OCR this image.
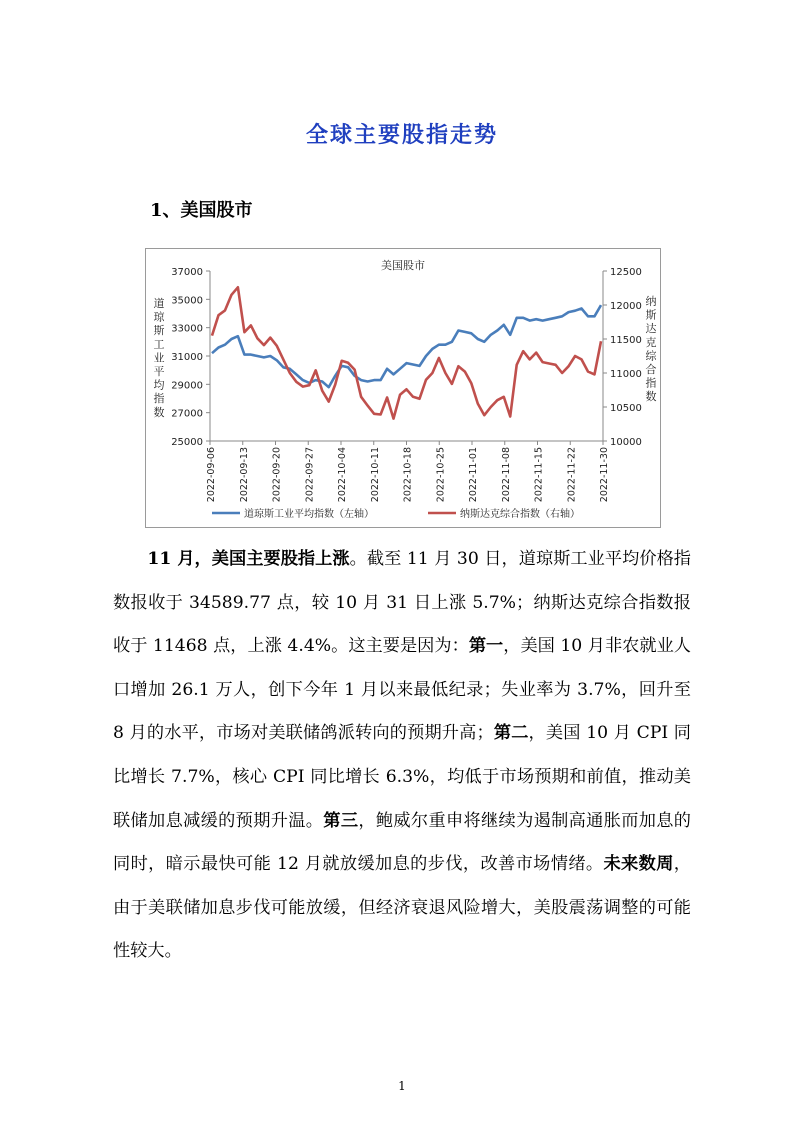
全球主要股指走势
1、美国股市
美国股市
37000
35000
33000
31000
29000
27000
25000
12500
12000
11500
11000
10500
10000
道
琼
斯
工
业
平
均
指
数
纳
斯
达
克
综
合
指
数
2022-09-06 2022-09-13 2022-09-20 2022-09-27 2022-10-04 2022-10-11 2022-10-18 2022-10-25 2022-11-01 2022-11-08 2022-11-15 2022-11-22 2022-11-30
道琼斯工业平均指数（左轴）	纳斯达克综合指数（右轴）

11 月，美国主要股指上涨。截至 11 月 30 日，道琼斯工业平均价格指数报收于 34589.77 点，较 10 月 31 日上涨 5.7%；纳斯达克综合指数报收于 11468 点，上涨 4.4%。这主要是因为：第一，美国 10 月非农就业人口增加 26.1 万人，创下今年 1 月以来最低纪录；失业率为 3.7%，回升至 8 月的水平，市场对美联储鸽派转向的预期升高；第二，美国 10 月 CPI 同比增长 7.7%，核心 CPI 同比增长 6.3%，均低于市场预期和前值，推动美联储加息减缓的预期升温。第三，鲍威尔重申将继续为遏制高通胀而加息的同时，暗示最快可能 12 月就放缓加息的步伐，改善市场情绪。未来数周，由于美联储加息步伐可能放缓，但经济衰退风险增大，美股震荡调整的可能性较大。

1
